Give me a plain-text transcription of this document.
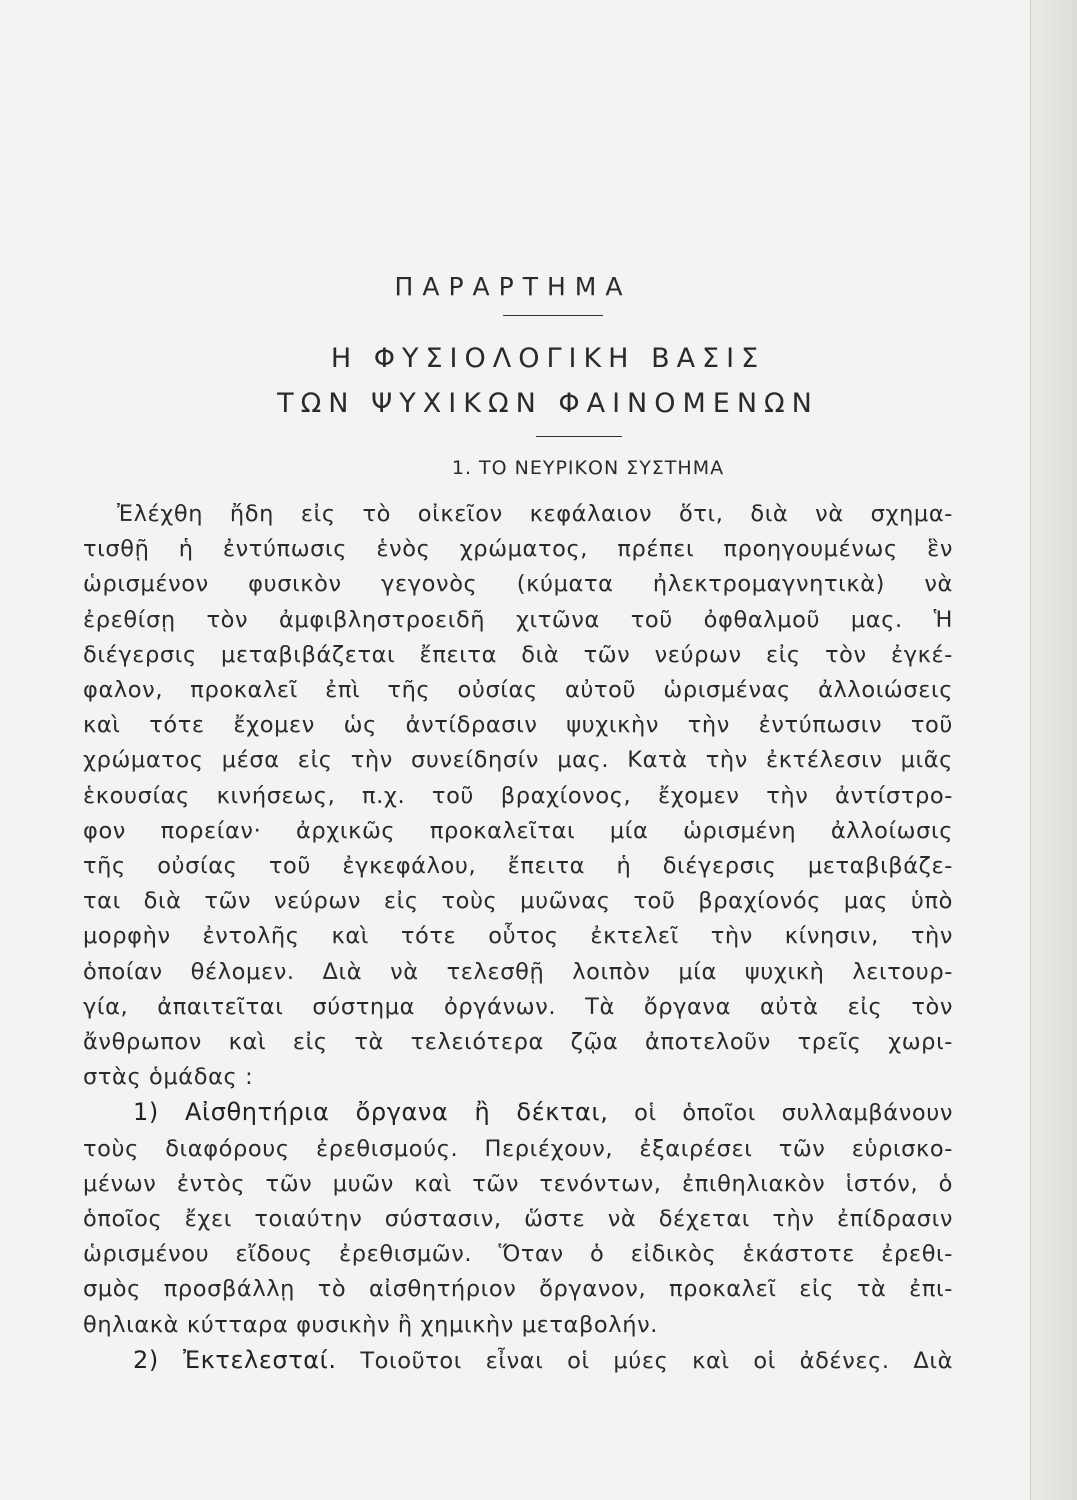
ΠΑΡΑΡΤΗΜΑ
Η ΦΥΣΙΟΛΟΓΙΚΗ ΒΑΣΙΣ
ΤΩΝ ΨΥΧΙΚΩΝ ΦΑΙΝΟΜΕΝΩΝ
1. ΤΟ ΝΕΥΡΙΚΟΝ ΣΥΣΤΗΜΑ
Ἐλέχθη ἤδη εἰς τὸ οἰκεῖον κεφάλαιον ὅτι, διὰ νὰ σχημα-
τισθῇ ἡ ἐντύπωσις ἑνὸς χρώματος, πρέπει προηγουμένως ἓν
ὡρισμένον φυσικὸν γεγονὸς (κύματα ἠλεκτρομαγνητικὰ) νὰ
ἐρεθίσῃ τὸν ἀμφιβληστροειδῆ χιτῶνα τοῦ ὀφθαλμοῦ μας. Ἡ
διέγερσις μεταβιβάζεται ἔπειτα διὰ τῶν νεύρων εἰς τὸν ἐγκέ-
φαλον, προκαλεῖ ἐπὶ τῆς οὐσίας αὐτοῦ ὡρισμένας ἀλλοιώσεις
καὶ τότε ἔχομεν ὡς ἀντίδρασιν ψυχικὴν τὴν ἐντύπωσιν τοῦ
χρώματος μέσα εἰς τὴν συνείδησίν μας. Κατὰ τὴν ἐκτέλεσιν μιᾶς
ἑκουσίας κινήσεως, π.χ. τοῦ βραχίονος, ἔχομεν τὴν ἀντίστρο-
φον πορείαν· ἀρχικῶς προκαλεῖται μία ὡρισμένη ἀλλοίωσις
τῆς οὐσίας τοῦ ἐγκεφάλου, ἔπειτα ἡ διέγερσις μεταβιβάζε-
ται διὰ τῶν νεύρων εἰς τοὺς μυῶνας τοῦ βραχίονός μας ὑπὸ
μορφὴν ἐντολῆς καὶ τότε οὗτος ἐκτελεῖ τὴν κίνησιν, τὴν
ὁποίαν θέλομεν. Διὰ νὰ τελεσθῇ λοιπὸν μία ψυχικὴ λειτουρ-
γία, ἀπαιτεῖται σύστημα ὀργάνων. Τὰ ὄργανα αὐτὰ εἰς τὸν
ἄνθρωπον καὶ εἰς τὰ τελειότερα ζῷα ἀποτελοῦν τρεῖς χωρι-
στὰς ὁμάδας :
1) Αἰσθητήρια ὄργανα ἢ δέκται, οἱ ὁποῖοι συλλαμβάνουν
τοὺς διαφόρους ἐρεθισμούς. Περιέχουν, ἐξαιρέσει τῶν εὑρισκο-
μένων ἐντὸς τῶν μυῶν καὶ τῶν τενόντων, ἐπιθηλιακὸν ἱστόν, ὁ
ὁποῖος ἔχει τοιαύτην σύστασιν, ὥστε νὰ δέχεται τὴν ἐπίδρασιν
ὡρισμένου εἴδους ἐρεθισμῶν. Ὅταν ὁ εἰδικὸς ἑκάστοτε ἐρεθι-
σμὸς προσβάλλῃ τὸ αἰσθητήριον ὄργανον, προκαλεῖ εἰς τὰ ἐπι-
θηλιακὰ κύτταρα φυσικὴν ἢ χημικὴν μεταβολήν.
2) Ἐκτελεσταί. Τοιοῦτοι εἶναι οἱ μύες καὶ οἱ ἀδένες. Διὰ
